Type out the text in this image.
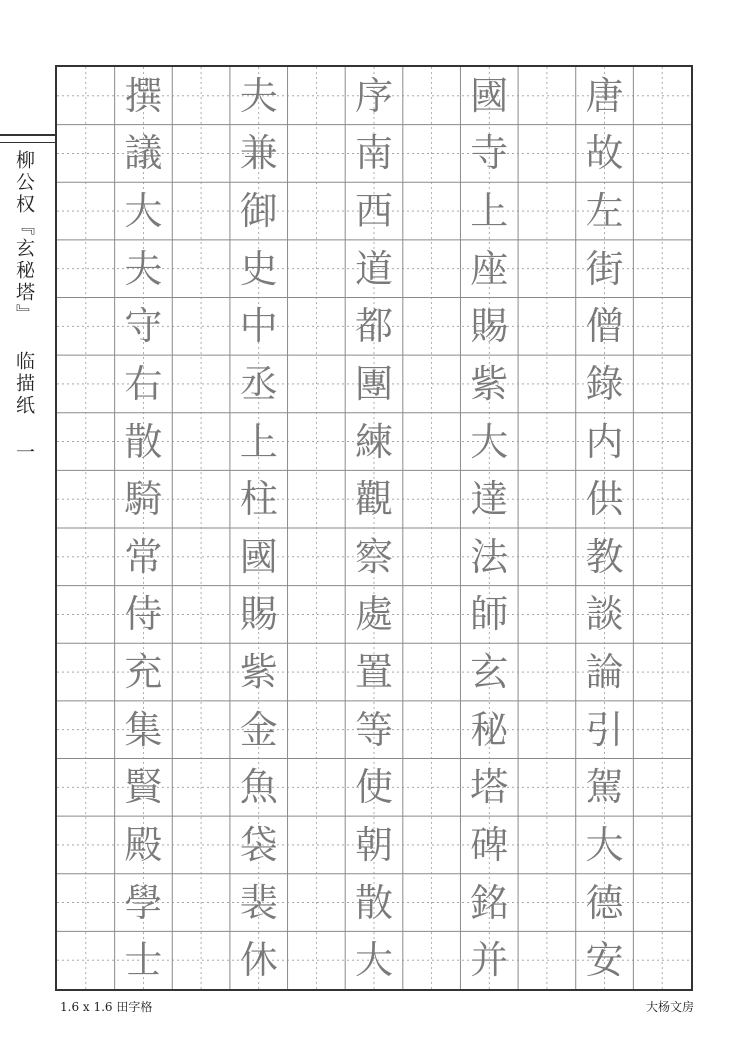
柳公权『玄秘塔』 临描纸 一
撰
議
大
夫
守
右
散
騎
常
侍
充
集
賢
殿
學
士
夫
兼
御
史
中
丞
上
柱
國
賜
紫
金
魚
袋
裴
休
序
南
西
道
都
團
練
觀
察
處
置
等
使
朝
散
大
國
寺
上
座
賜
紫
大
達
法
師
玄
秘
塔
碑
銘
并
唐
故
左
街
僧
錄
内
供
教
談
論
引
駕
大
德
安
1.6 x 1.6 田字格	大杨文房
